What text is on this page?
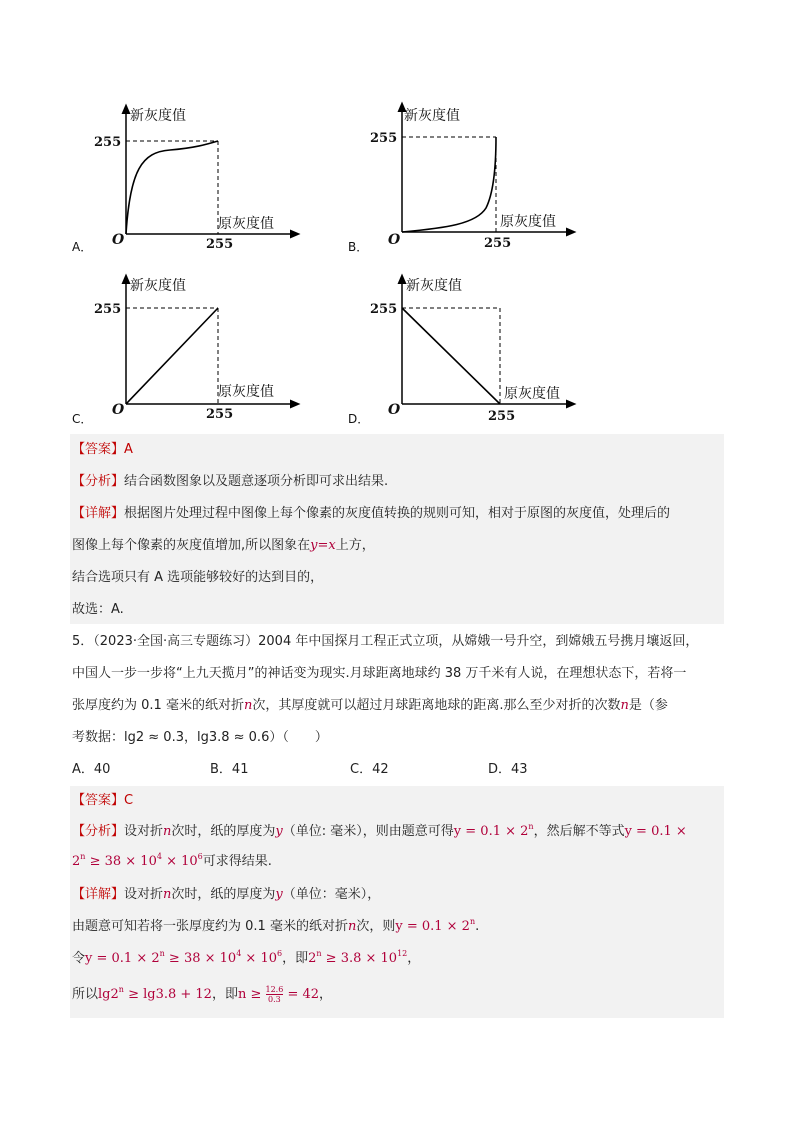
新灰度值
原灰度值
255
255
O
A．
新灰度值
原灰度值
255
255
O
B．
新灰度值
原灰度值
255
255
O
C．
新灰度值
原灰度值
255
255
O
D．
【答案】A
【分析】结合函数图象以及题意逐项分析即可求出结果.
【详解】根据图片处理过程中图像上每个像素的灰度值转换的规则可知，相对于原图的灰度值，处理后的
图像上每个像素的灰度值增加,所以图象在y=x上方，
结合选项只有 A 选项能够较好的达到目的，
故选：A.
5．（2023·全国·高三专题练习）2004 年中国探月工程正式立项，从嫦娥一号升空，到嫦娥五号携月壤返回，
中国人一步一步将“上九天揽月”的神话变为现实.月球距离地球约 38 万千米有人说，在理想状态下，若将一
张厚度约为 0.1 毫米的纸对折n次，其厚度就可以超过月球距离地球的距离.那么至少对折的次数n是（参
考数据：lg2 ≈ 0.3，lg3.8 ≈ 0.6）（　　）
A．40	B．41	C．42	D．43
【答案】C
【分析】设对折n次时，纸的厚度为y（单位: 毫米），则由题意可得$y = 0.1 \times 2^n$，然后解不等式y = 0.1 ×
$2^n \ge 38 \times 10^4 \times 10^6$可求得结果.
【详解】设对折n次时，纸的厚度为y（单位：毫米），
由题意可知若将一张厚度约为 0.1 毫米的纸对折n次，则$y = 0.1 \times 2^n$.
令$y = 0.1 \times 2^n \ge 38 \times 10^4 \times 10^6$，即$2^n \ge 3.8 \times 10^{12}$，
所以$\lg 2^n \ge \lg 3.8 + 12$，即$n \ge \frac{12.6}{0.3} = 42$，
